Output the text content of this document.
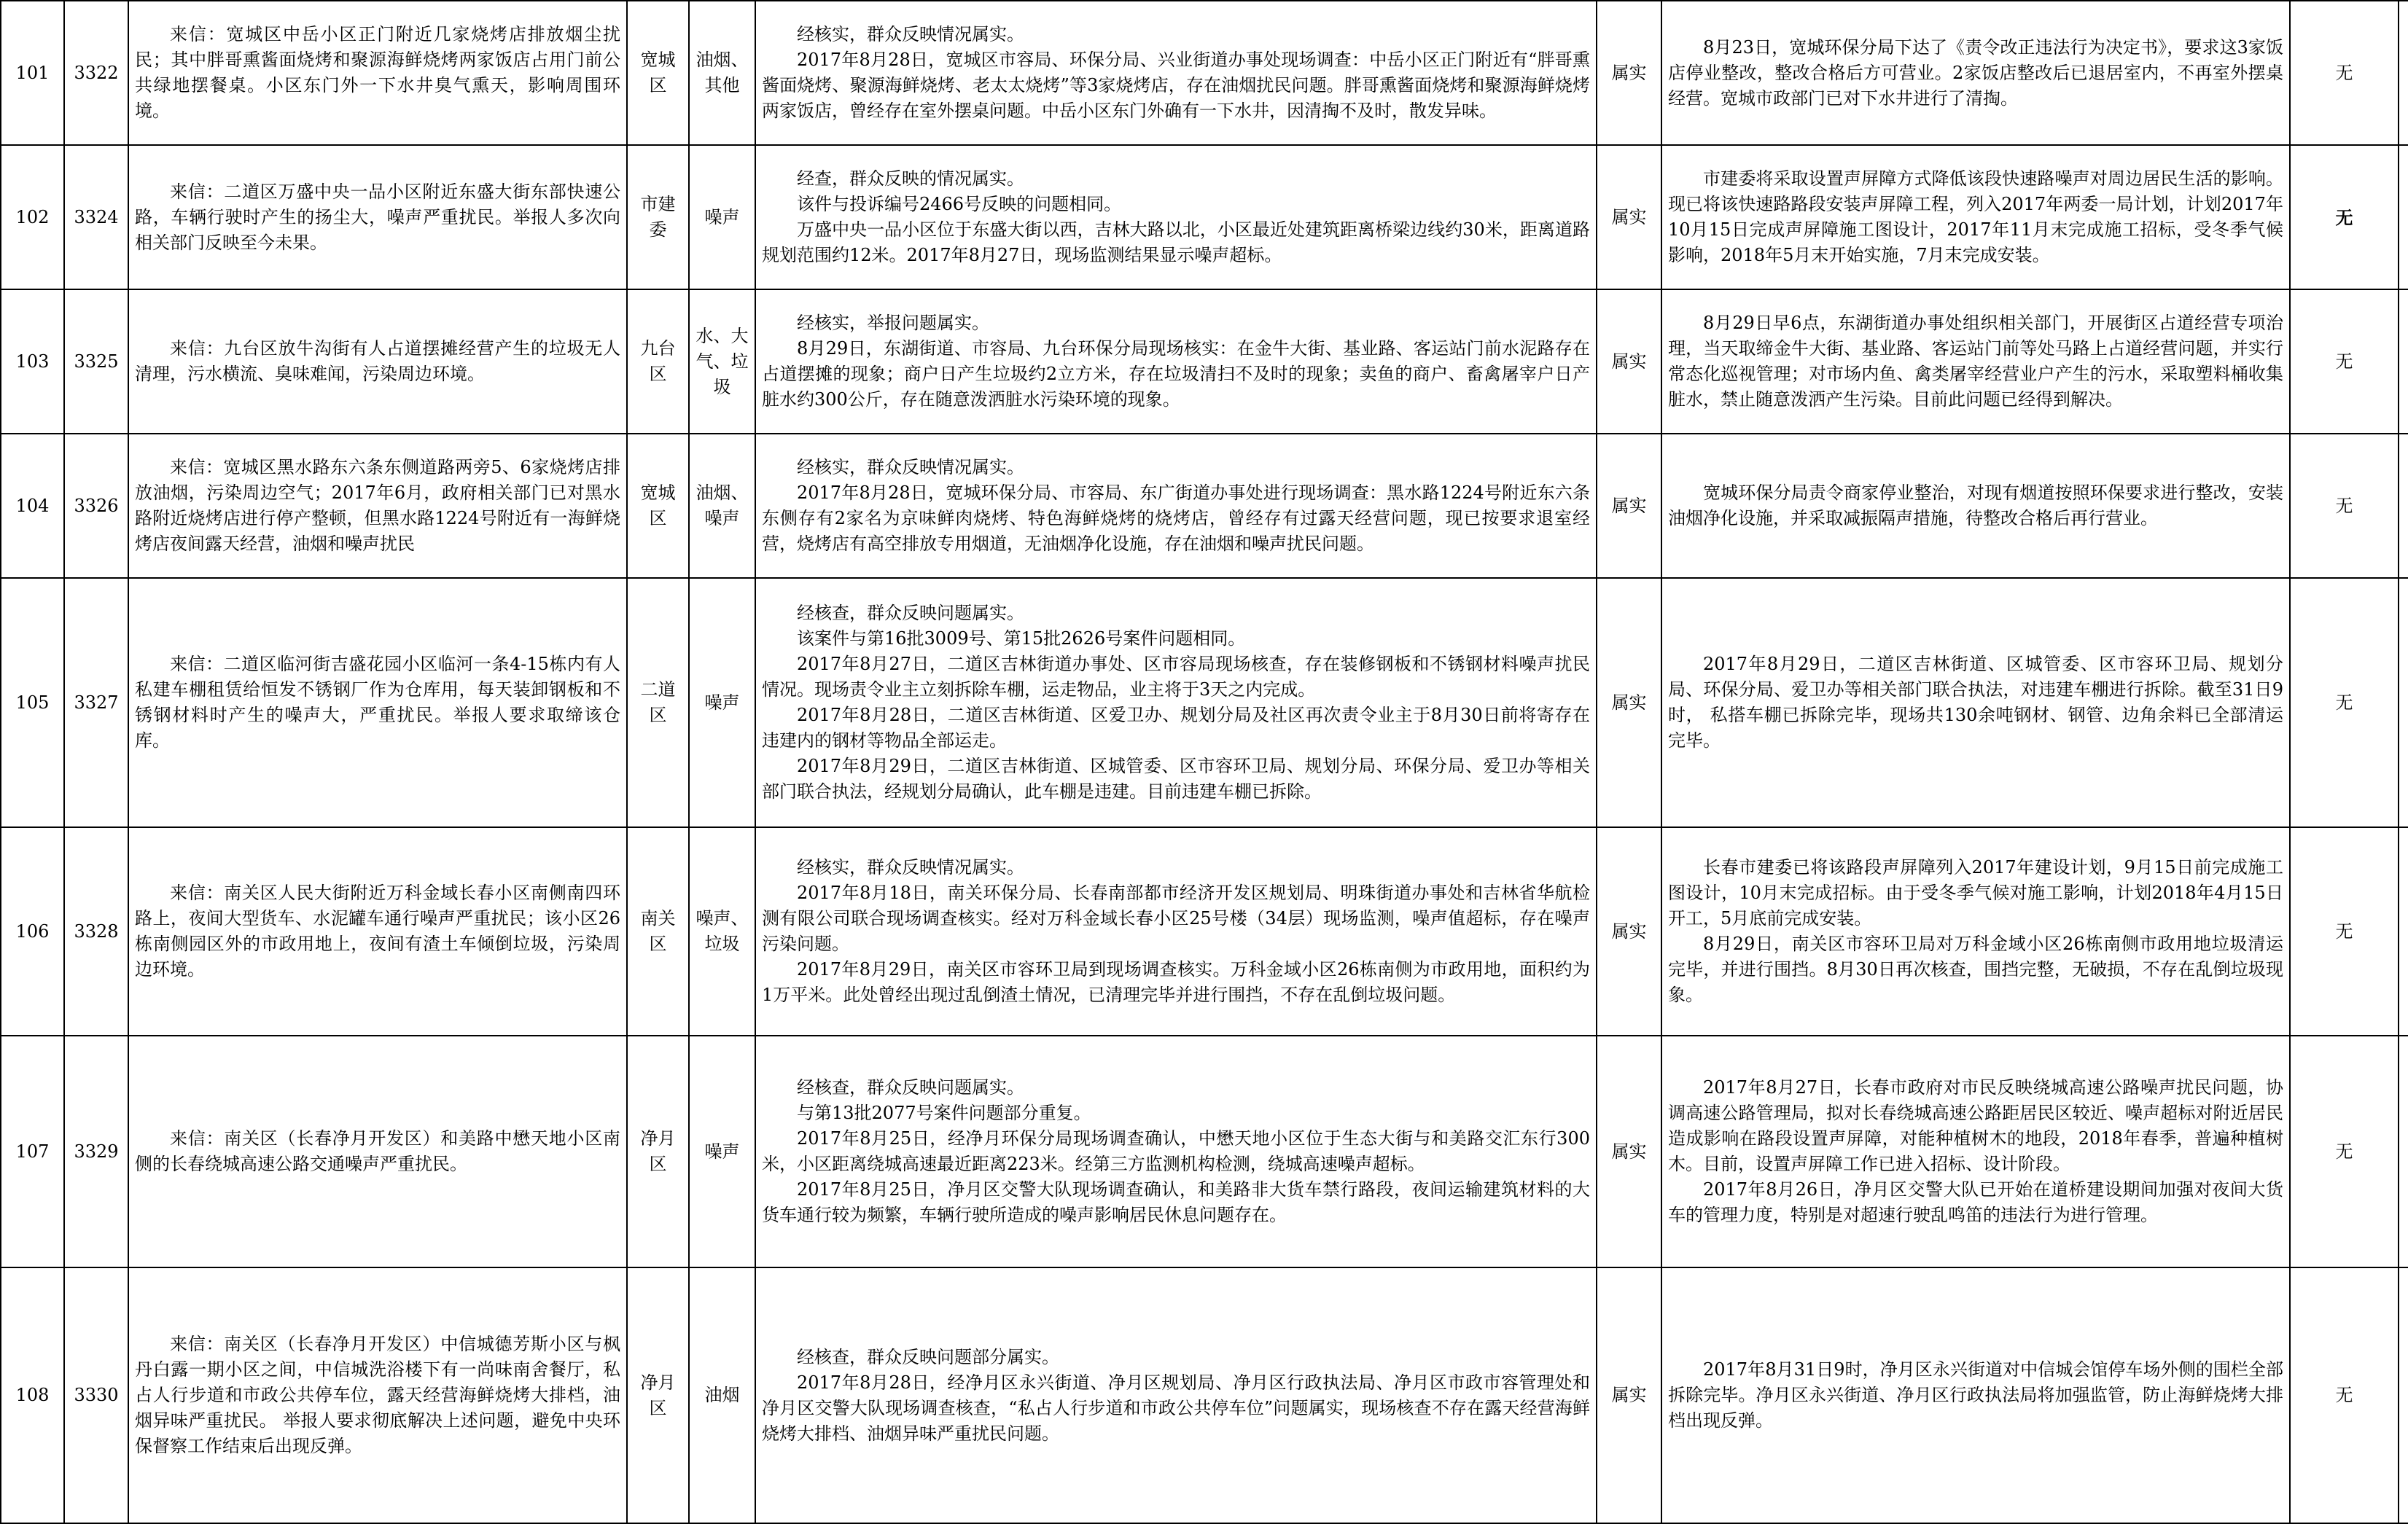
101	3322	来信：宽城区中岳小区正门附近几家烧烤店排放烟尘扰民；其中胖哥熏酱面烧烤和聚源海鲜烧烤两家饭店占用门前公共绿地摆餐桌。小区东门外一下水井臭气熏天，影响周围环境。	宽城区	油烟、其他	经核实，群众反映情况属实。
2017年8月28日，宽城区市容局、环保分局、兴业街道办事处现场调查：中岳小区正门附近有“胖哥熏酱面烧烤、聚源海鲜烧烤、老太太烧烤”等3家烧烤店，存在油烟扰民问题。胖哥熏酱面烧烤和聚源海鲜烧烤两家饭店，曾经存在室外摆桌问题。中岳小区东门外确有一下水井，因清掏不及时，散发异味。	属实	8月23日，宽城环保分局下达了《责令改正违法行为决定书》，要求这3家饭店停业整改，整改合格后方可营业。2家饭店整改后已退居室内，不再室外摆桌经营。宽城市政部门已对下水井进行了清掏。	无	
102	3324	来信：二道区万盛中央一品小区附近东盛大街东部快速公路，车辆行驶时产生的扬尘大，噪声严重扰民。举报人多次向相关部门反映至今未果。	市建委	噪声	经查，群众反映的情况属实。
该件与投诉编号2466号反映的问题相同。
万盛中央一品小区位于东盛大街以西，吉林大路以北，小区最近处建筑距离桥梁边线约30米，距离道路规划范围约12米。2017年8月27日，现场监测结果显示噪声超标。	属实	市建委将采取设置声屏障方式降低该段快速路噪声对周边居民生活的影响。现已将该快速路路段安装声屏障工程，列入2017年两委一局计划，计划2017年10月15日完成声屏障施工图设计，2017年11月末完成施工招标，受冬季气候影响，2018年5月末开始实施，7月末完成安装。	无	
103	3325	来信：九台区放牛沟街有人占道摆摊经营产生的垃圾无人清理，污水横流、臭味难闻，污染周边环境。	九台区	水、大气、垃圾	经核实，举报问题属实。
8月29日，东湖街道、市容局、九台环保分局现场核实：在金牛大街、基业路、客运站门前水泥路存在占道摆摊的现象；商户日产生垃圾约2立方米，存在垃圾清扫不及时的现象；卖鱼的商户、畜禽屠宰户日产脏水约300公斤，存在随意泼洒脏水污染环境的现象。	属实	8月29日早6点，东湖街道办事处组织相关部门，开展街区占道经营专项治理，当天取缔金牛大街、基业路、客运站门前等处马路上占道经营问题，并实行常态化巡视管理；对市场内鱼、禽类屠宰经营业户产生的污水，采取塑料桶收集脏水，禁止随意泼洒产生污染。目前此问题已经得到解决。	无	
104	3326	来信：宽城区黑水路东六条东侧道路两旁5、6家烧烤店排放油烟，污染周边空气；2017年6月，政府相关部门已对黑水路附近烧烤店进行停产整顿，但黑水路1224号附近有一海鲜烧烤店夜间露天经营，油烟和噪声扰民	宽城区	油烟、噪声	经核实，群众反映情况属实。
2017年8月28日，宽城环保分局、市容局、东广街道办事处进行现场调查：黑水路1224号附近东六条东侧存有2家名为京味鲜肉烧烤、特色海鲜烧烤的烧烤店，曾经存有过露天经营问题，现已按要求退室经营，烧烤店有高空排放专用烟道，无油烟净化设施，存在油烟和噪声扰民问题。	属实	宽城环保分局责令商家停业整治，对现有烟道按照环保要求进行整改，安装油烟净化设施，并采取减振隔声措施，待整改合格后再行营业。	无	
105	3327	来信：二道区临河街吉盛花园小区临河一条4-15栋内有人私建车棚租赁给恒发不锈钢厂作为仓库用，每天装卸钢板和不锈钢材料时产生的噪声大，严重扰民。举报人要求取缔该仓库。	二道区	噪声	经核查，群众反映问题属实。
该案件与第16批3009号、第15批2626号案件问题相同。
2017年8月27日，二道区吉林街道办事处、区市容局现场核查，存在装修钢板和不锈钢材料噪声扰民情况。现场责令业主立刻拆除车棚，运走物品，业主将于3天之内完成。
2017年8月28日，二道区吉林街道、区爱卫办、规划分局及社区再次责令业主于8月30日前将寄存在违建内的钢材等物品全部运走。
2017年8月29日，二道区吉林街道、区城管委、区市容环卫局、规划分局、环保分局、爱卫办等相关部门联合执法，经规划分局确认，此车棚是违建。目前违建车棚已拆除。	属实	2017年8月29日，二道区吉林街道、区城管委、区市容环卫局、规划分局、环保分局、爱卫办等相关部门联合执法，对违建车棚进行拆除。截至31日9时， 私搭车棚已拆除完毕，现场共130余吨钢材、钢管、边角余料已全部清运完毕。	无	
106	3328	来信：南关区人民大街附近万科金域长春小区南侧南四环路上，夜间大型货车、水泥罐车通行噪声严重扰民；该小区26栋南侧园区外的市政用地上，夜间有渣土车倾倒垃圾，污染周边环境。	南关区	噪声、垃圾	经核实，群众反映情况属实。
2017年8月18日，南关环保分局、长春南部都市经济开发区规划局、明珠街道办事处和吉林省华航检测有限公司联合现场调查核实。经对万科金域长春小区25号楼（34层）现场监测，噪声值超标，存在噪声污染问题。
2017年8月29日，南关区市容环卫局到现场调查核实。万科金域小区26栋南侧为市政用地，面积约为1万平米。此处曾经出现过乱倒渣土情况，已清理完毕并进行围挡，不存在乱倒垃圾问题。	属实	长春市建委已将该路段声屏障列入2017年建设计划，9月15日前完成施工图设计，10月末完成招标。由于受冬季气候对施工影响，计划2018年4月15日开工，5月底前完成安装。
8月29日，南关区市容环卫局对万科金域小区26栋南侧市政用地垃圾清运完毕，并进行围挡。8月30日再次核查，围挡完整，无破损，不存在乱倒垃圾现象。	无	
107	3329	来信：南关区（长春净月开发区）和美路中懋天地小区南侧的长春绕城高速公路交通噪声严重扰民。	净月区	噪声	经核查，群众反映问题属实。
与第13批2077号案件问题部分重复。
2017年8月25日，经净月环保分局现场调查确认，中懋天地小区位于生态大街与和美路交汇东行300米，小区距离绕城高速最近距离223米。经第三方监测机构检测，绕城高速噪声超标。
2017年8月25日，净月区交警大队现场调查确认，和美路非大货车禁行路段，夜间运输建筑材料的大货车通行较为频繁，车辆行驶所造成的噪声影响居民休息问题存在。	属实	2017年8月27日，长春市政府对市民反映绕城高速公路噪声扰民问题，协调高速公路管理局，拟对长春绕城高速公路距居民区较近、噪声超标对附近居民造成影响在路段设置声屏障，对能种植树木的地段，2018年春季，普遍种植树木。目前，设置声屏障工作已进入招标、设计阶段。
2017年8月26日，净月区交警大队已开始在道桥建设期间加强对夜间大货车的管理力度，特别是对超速行驶乱鸣笛的违法行为进行管理。	无	
108	3330	来信：南关区（长春净月开发区）中信城德芳斯小区与枫丹白露一期小区之间，中信城洗浴楼下有一尚味南舍餐厅，私占人行步道和市政公共停车位，露天经营海鲜烧烤大排档，油烟异味严重扰民。 举报人要求彻底解决上述问题，避免中央环保督察工作结束后出现反弹。	净月区	油烟	经核查，群众反映问题部分属实。
2017年8月28日，经净月区永兴街道、净月区规划局、净月区行政执法局、净月区市政市容管理处和净月区交警大队现场调查核查，“私占人行步道和市政公共停车位”问题属实，现场核查不存在露天经营海鲜烧烤大排档、油烟异味严重扰民问题。	属实	2017年8月31日9时，净月区永兴街道对中信城会馆停车场外侧的围栏全部拆除完毕。净月区永兴街道、净月区行政执法局将加强监管，防止海鲜烧烤大排档出现反弹。	无	
